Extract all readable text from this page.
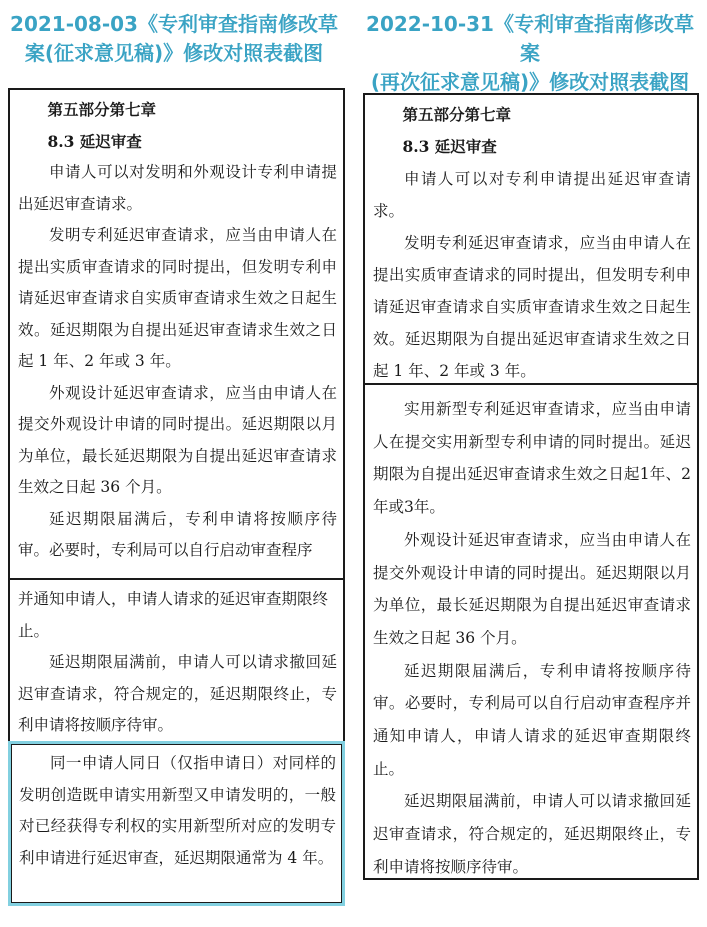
2021-08-03《专利审查指南修改草
案(征求意见稿)》修改对照表截图
2022-10-31《专利审查指南修改草案
(再次征求意见稿)》修改对照表截图

第五部分第七章

8.3 延迟审查

申请人可以对发明和外观设计专利申请提出延迟审查请求。

发明专利延迟审查请求，应当由申请人在提出实质审查请求的同时提出，但发明专利申请延迟审查请求自实质审查请求生效之日起生效。延迟期限为自提出延迟审查请求生效之日起 1 年、2 年或 3 年。

外观设计延迟审查请求，应当由申请人在提交外观设计申请的同时提出。延迟期限以月为单位，最长延迟期限为自提出延迟审查请求生效之日起 36 个月。

延迟期限届满后，专利申请将按顺序待审。必要时，专利局可以自行启动审查程序

并通知申请人，申请人请求的延迟审查期限终止。

延迟期限届满前，申请人可以请求撤回延迟审查请求，符合规定的，延迟期限终止，专利申请将按顺序待审。

同一申请人同日（仅指申请日）对同样的发明创造既申请实用新型又申请发明的，一般对已经获得专利权的实用新型所对应的发明专利申请进行延迟审查，延迟期限通常为 4 年。

第五部分第七章

8.3 延迟审查

申请人可以对专利申请提出延迟审查请求。

发明专利延迟审查请求，应当由申请人在提出实质审查请求的同时提出，但发明专利申请延迟审查请求自实质审查请求生效之日起生效。延迟期限为自提出延迟审查请求生效之日起 1 年、2 年或 3 年。

实用新型专利延迟审查请求，应当由申请人在提交实用新型专利申请的同时提出。延迟期限为自提出延迟审查请求生效之日起1年、2年或3年。

外观设计延迟审查请求，应当由申请人在提交外观设计申请的同时提出。延迟期限以月为单位，最长延迟期限为自提出延迟审查请求生效之日起 36 个月。

延迟期限届满后，专利申请将按顺序待审。必要时，专利局可以自行启动审查程序并通知申请人，申请人请求的延迟审查期限终止。

延迟期限届满前，申请人可以请求撤回延迟审查请求，符合规定的，延迟期限终止，专利申请将按顺序待审。
